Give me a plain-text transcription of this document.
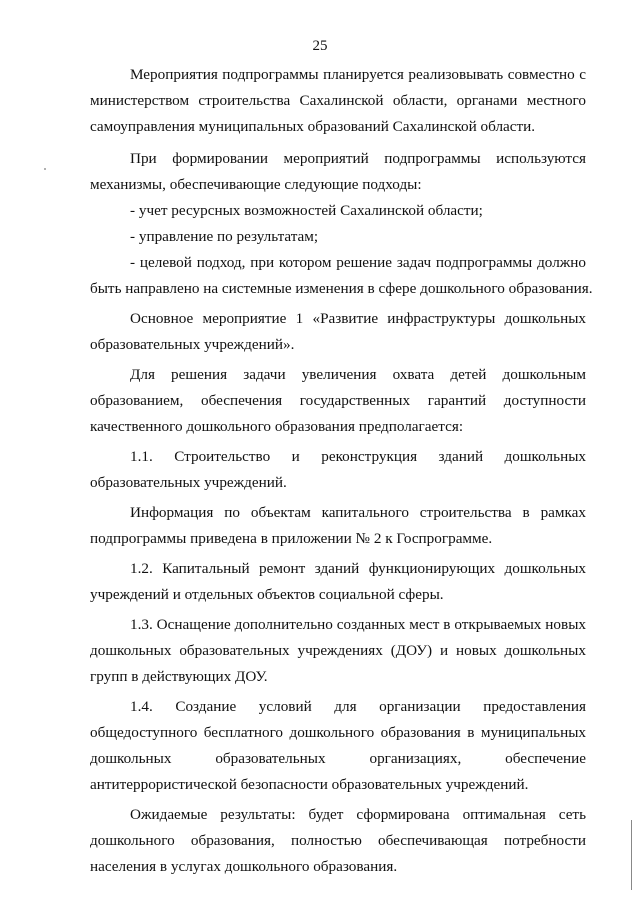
25

Мероприятия подпрограммы планируется реализовывать совместно с
министерством строительства Сахалинской области, органами местного
самоуправления муниципальных образований Сахалинской области.

При формировании мероприятий подпрограммы используются
механизмы, обеспечивающие следующие подходы:

- учет ресурсных возможностей Сахалинской области;

- управление по результатам;

- целевой подход, при котором решение задач подпрограммы должно
быть направлено на системные изменения в сфере дошкольного образования.

Основное мероприятие 1 «Развитие инфраструктуры дошкольных
образовательных учреждений».

Для решения задачи увеличения охвата детей дошкольным
образованием, обеспечения государственных гарантий доступности
качественного дошкольного образования предполагается:

1.1. Строительство и реконструкция зданий дошкольных
образовательных учреждений.

Информация по объектам капитального строительства в рамках
подпрограммы приведена в приложении № 2 к Госпрограмме.

1.2. Капитальный ремонт зданий функционирующих дошкольных
учреждений и отдельных объектов социальной сферы.

1.3. Оснащение дополнительно созданных мест в открываемых новых
дошкольных образовательных учреждениях (ДОУ) и новых дошкольных
групп в действующих ДОУ.

1.4. Создание условий для организации предоставления
общедоступного бесплатного дошкольного образования в муниципальных
дошкольных образовательных организациях, обеспечение
антитеррористической безопасности образовательных учреждений.

Ожидаемые результаты: будет сформирована оптимальная сеть
дошкольного образования, полностью обеспечивающая потребности
населения в услугах дошкольного образования.
